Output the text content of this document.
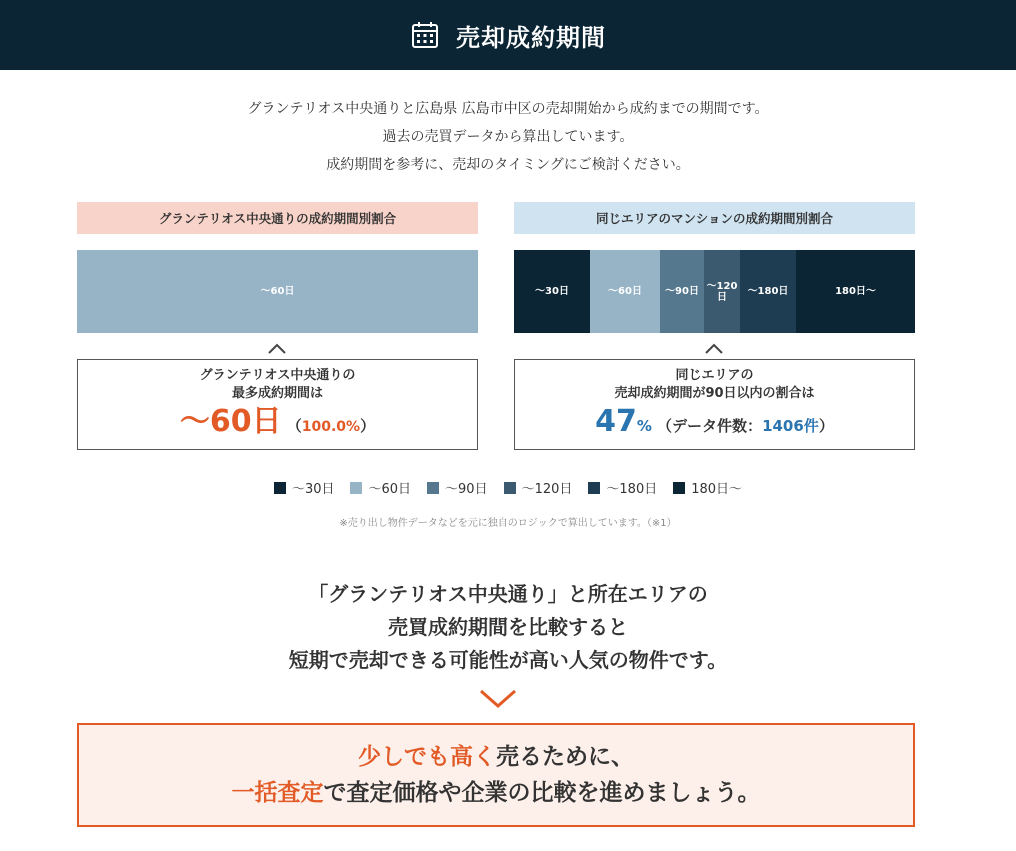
売却成約期間
グランテリオス中央通りと広島県 広島市中区の売却開始から成約までの期間です。
過去の売買データから算出しています。
成約期間を参考に、売却のタイミングにご検討ください。
グランテリオス中央通りの成約期間別割合
〜60日
グランテリオス中央通りの
最多成約期間は
〜60日 （100.0%）
同じエリアのマンションの成約期間別割合
〜30日	〜60日 〜90日 〜120日	〜180日	180日〜
同じエリアの
売却成約期間が90日以内の割合は
47% （データ件数：1406件）
〜30日	〜60日	〜90日	〜120日	〜180日	180日〜
※売り出し物件データなどを元に独自のロジックで算出しています。（※1）
「グランテリオス中央通り」と所在エリアの
売買成約期間を比較すると
短期で売却できる可能性が高い人気の物件です。
少しでも高く売るために、
一括査定で査定価格や企業の比較を進めましょう。
